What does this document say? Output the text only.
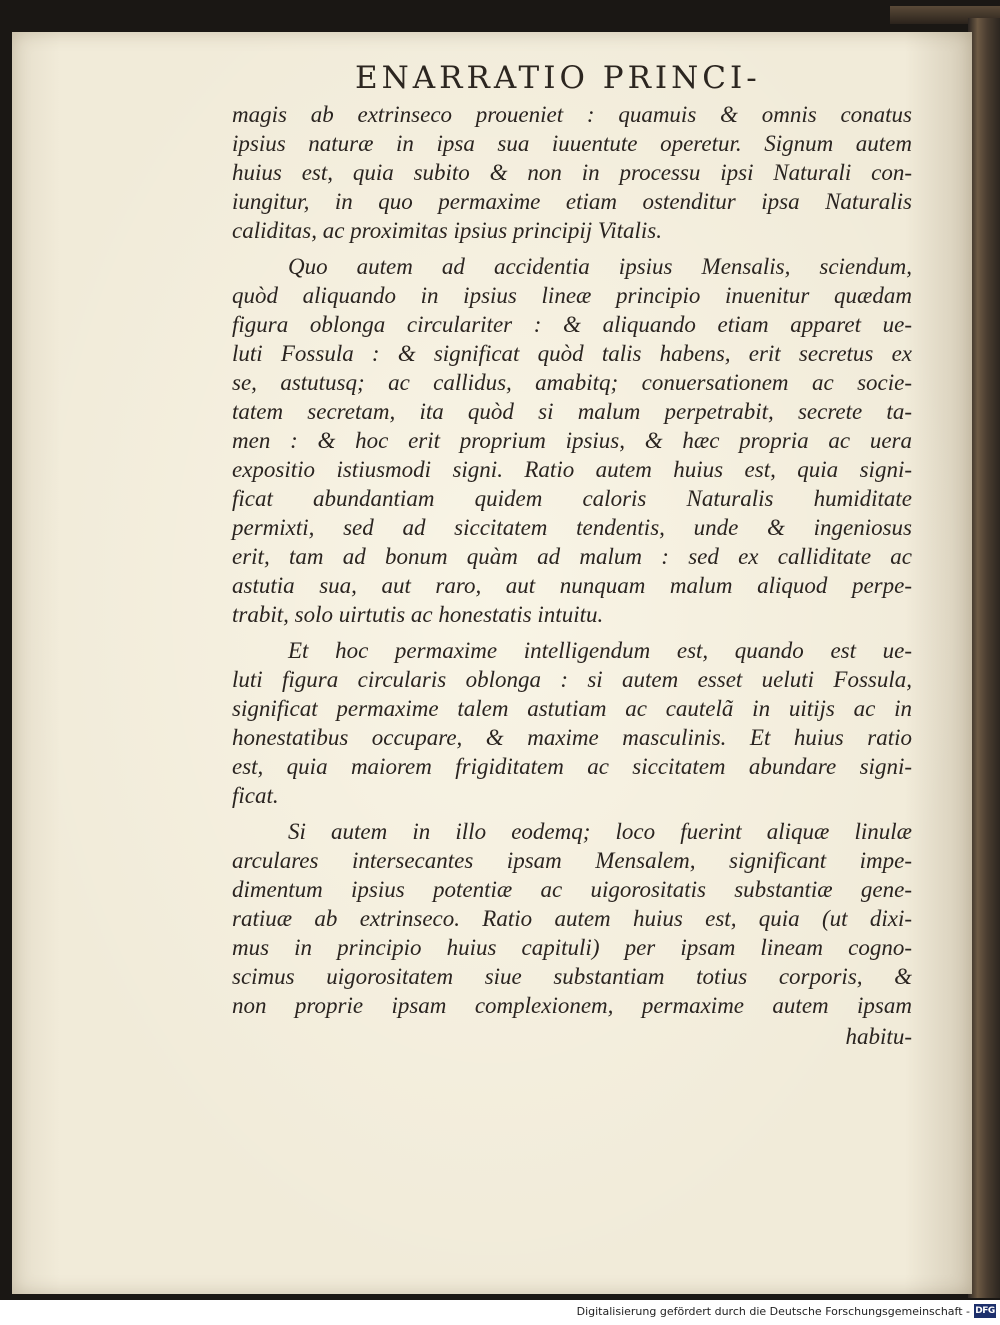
ENARRATIO PRINCI-
magis ab extrinseco proueniet : quamuis & omnis conatus
ipsius naturæ in ipsa sua iuuentute operetur. Signum autem
huius est, quia subito & non in processu ipsi Naturali con-
iungitur, in quo permaxime etiam ostenditur ipsa Naturalis
caliditas, ac proximitas ipsius principij Vitalis.
Quo autem ad accidentia ipsius Mensalis, sciendum,
quòd aliquando in ipsius lineæ principio inuenitur quædam
figura oblonga circulariter : & aliquando etiam apparet ue-
luti Fossula : & significat quòd talis habens, erit secretus ex
se, astutusq; ac callidus, amabitq; conuersationem ac socie-
tatem secretam, ita quòd si malum perpetrabit, secrete ta-
men : & hoc erit proprium ipsius, & hæc propria ac uera
expositio istiusmodi signi. Ratio autem huius est, quia signi-
ficat abundantiam quidem caloris Naturalis humiditate
permixti, sed ad siccitatem tendentis, unde & ingeniosus
erit, tam ad bonum quàm ad malum : sed ex calliditate ac
astutia sua, aut raro, aut nunquam malum aliquod perpe-
trabit, solo uirtutis ac honestatis intuitu.
Et hoc permaxime intelligendum est, quando est ue-
luti figura circularis oblonga : si autem esset ueluti Fossula,
significat permaxime talem astutiam ac cautelã in uitijs ac in
honestatibus occupare, & maxime masculinis. Et huius ratio
est, quia maiorem frigiditatem ac siccitatem abundare signi-
ficat.
Si autem in illo eodemq; loco fuerint aliquæ linulæ
arculares intersecantes ipsam Mensalem, significant impe-
dimentum ipsius potentiæ ac uigorositatis substantiæ gene-
ratiuæ ab extrinseco. Ratio autem huius est, quia (ut dixi-
mus in principio huius capituli) per ipsam lineam cogno-
scimus uigorositatem siue substantiam totius corporis, &
non proprie ipsam complexionem, permaxime autem ipsam
habitu-
Digitalisierung gefördert durch die Deutsche Forschungsgemeinschaft - DFG
